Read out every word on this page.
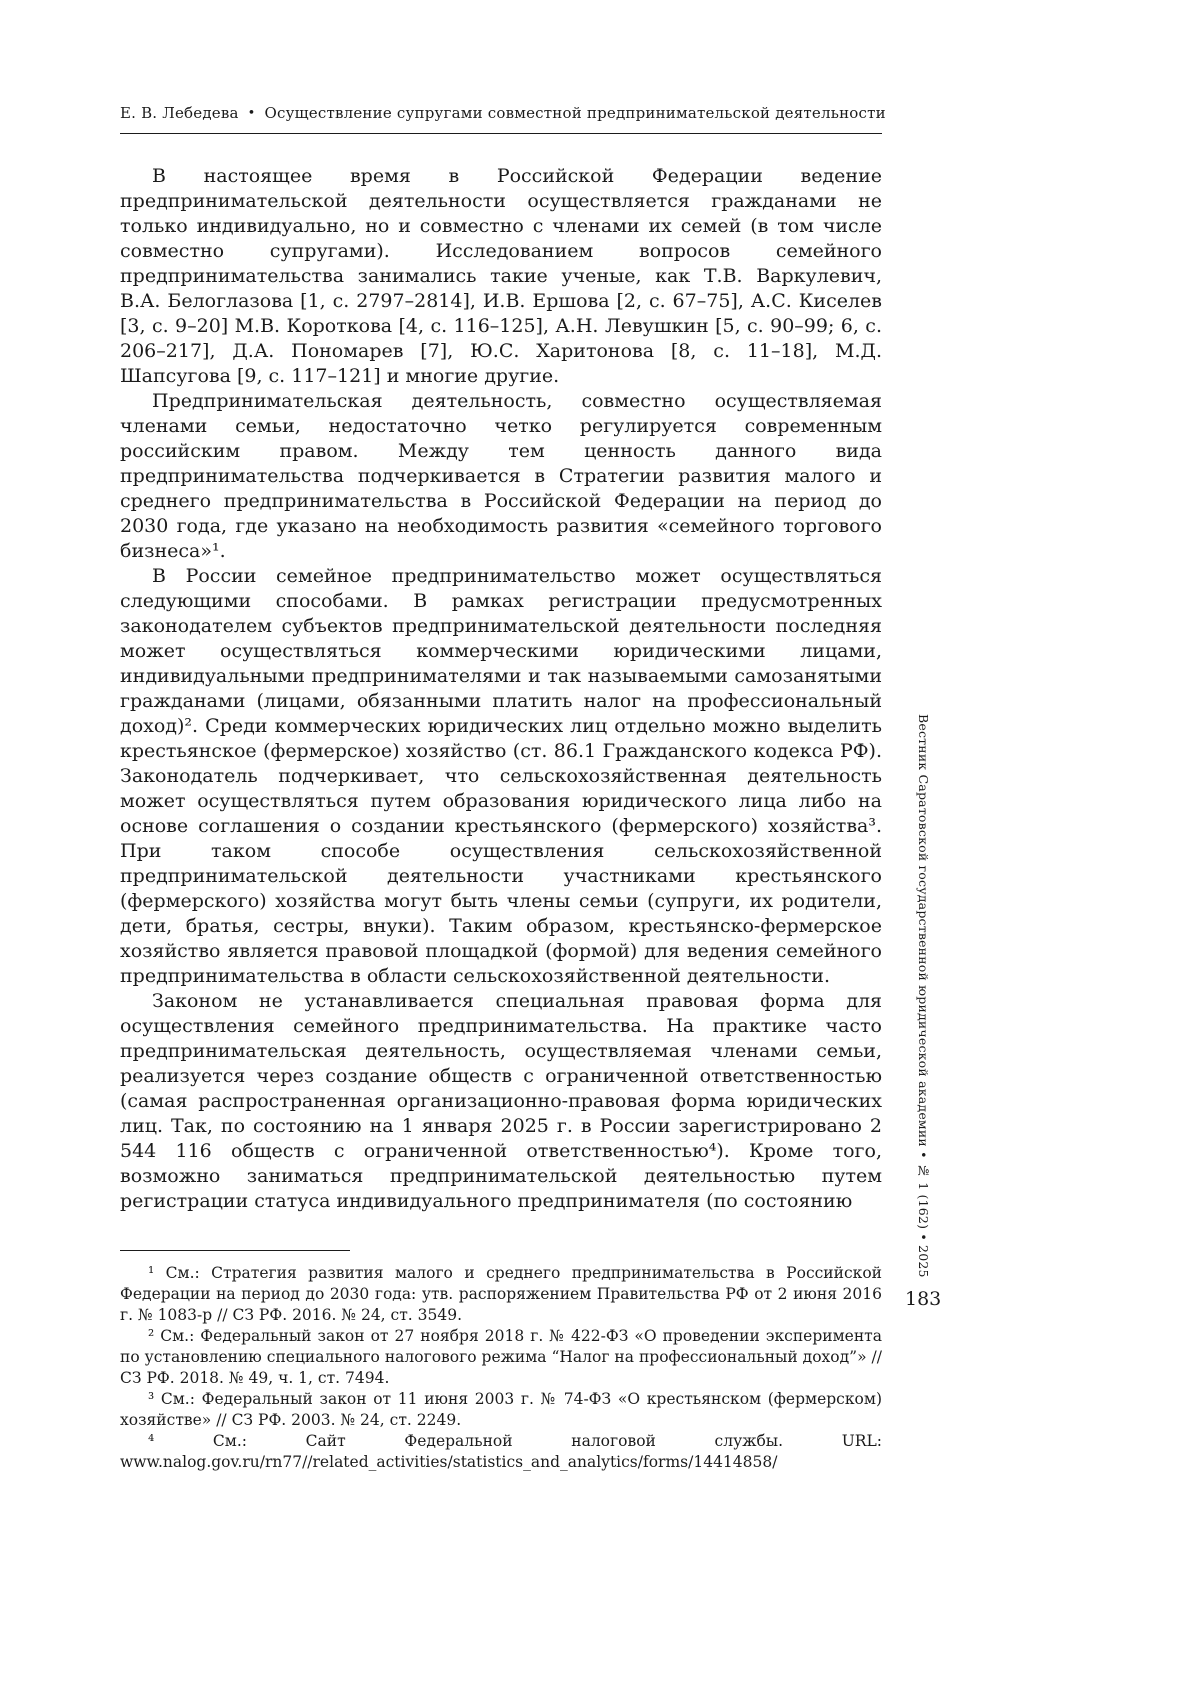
Е. В. Лебедева • Осуществление супругами совместной предпринимательской деятельности

В настоящее время в Российской Федерации ведение предпринимательской деятельности осуществляется гражданами не только индивидуально, но и совместно с членами их семей (в том числе совместно супругами). Исследованием вопросов семейного предпринимательства занимались такие ученые, как Т.В. Варкулевич, В.А. Белоглазова [1, с. 2797–2814], И.В. Ершова [2, с. 67–75], А.С. Киселев [3, с. 9–20] М.В. Короткова [4, с. 116–125], А.Н. Левушкин [5, с. 90–99; 6, с. 206–217], Д.А. Пономарев [7], Ю.С. Харитонова [8, с. 11–18], М.Д. Шапсугова [9, с. 117–121] и многие другие.

Предпринимательская деятельность, совместно осуществляемая членами семьи, недостаточно четко регулируется современным российским правом. Между тем ценность данного вида предпринимательства подчеркивается в Стратегии развития малого и среднего предпринимательства в Российской Федерации на период до 2030 года, где указано на необходимость развития «семейного торгового бизнеса»¹.

В России семейное предпринимательство может осуществляться следующими способами. В рамках регистрации предусмотренных законодателем субъектов предпринимательской деятельности последняя может осуществляться коммерческими юридическими лицами, индивидуальными предпринимателями и так называемыми самозанятыми гражданами (лицами, обязанными платить налог на профессиональный доход)². Среди коммерческих юридических лиц отдельно можно выделить крестьянское (фермерское) хозяйство (ст. 86.1 Гражданского кодекса РФ). Законодатель подчеркивает, что сельскохозяйственная деятельность может осуществляться путем образования юридического лица либо на основе соглашения о создании крестьянского (фермерского) хозяйства³. При таком способе осуществления сельскохозяйственной предпринимательской деятельности участниками крестьянского (фермерского) хозяйства могут быть члены семьи (супруги, их родители, дети, братья, сестры, внуки). Таким образом, крестьянско-фермерское хозяйство является правовой площадкой (формой) для ведения семейного предпринимательства в области сельскохозяйственной деятельности.

Законом не устанавливается специальная правовая форма для осуществления семейного предпринимательства. На практике часто предпринимательская деятельность, осуществляемая членами семьи, реализуется через создание обществ с ограниченной ответственностью (самая распространенная организационно-правовая форма юридических лиц. Так, по состоянию на 1 января 2025 г. в России зарегистрировано 2 544 116 обществ с ограниченной ответственностью⁴). Кроме того, возможно заниматься предпринимательской деятельностью путем регистрации статуса индивидуального предпринимателя (по состоянию

¹ См.: Стратегия развития малого и среднего предпринимательства в Российской Федерации на период до 2030 года: утв. распоряжением Правительства РФ от 2 июня 2016 г. № 1083-р // СЗ РФ. 2016. № 24, ст. 3549.

² См.: Федеральный закон от 27 ноября 2018 г. № 422-ФЗ «О проведении эксперимента по установлению специального налогового режима “Налог на профессиональный доход”» // СЗ РФ. 2018. № 49, ч. 1, ст. 7494.

³ См.: Федеральный закон от 11 июня 2003 г. № 74-ФЗ «О крестьянском (фермерском) хозяйстве» // СЗ РФ. 2003. № 24, ст. 2249.

⁴ См.: Сайт Федеральной налоговой службы. URL: www.nalog.gov.ru/rn77//related_activities/statistics_and_analytics/forms/14414858/

Вестник Саратовской государственной юридической академии • № 1 (162) • 2025
183
